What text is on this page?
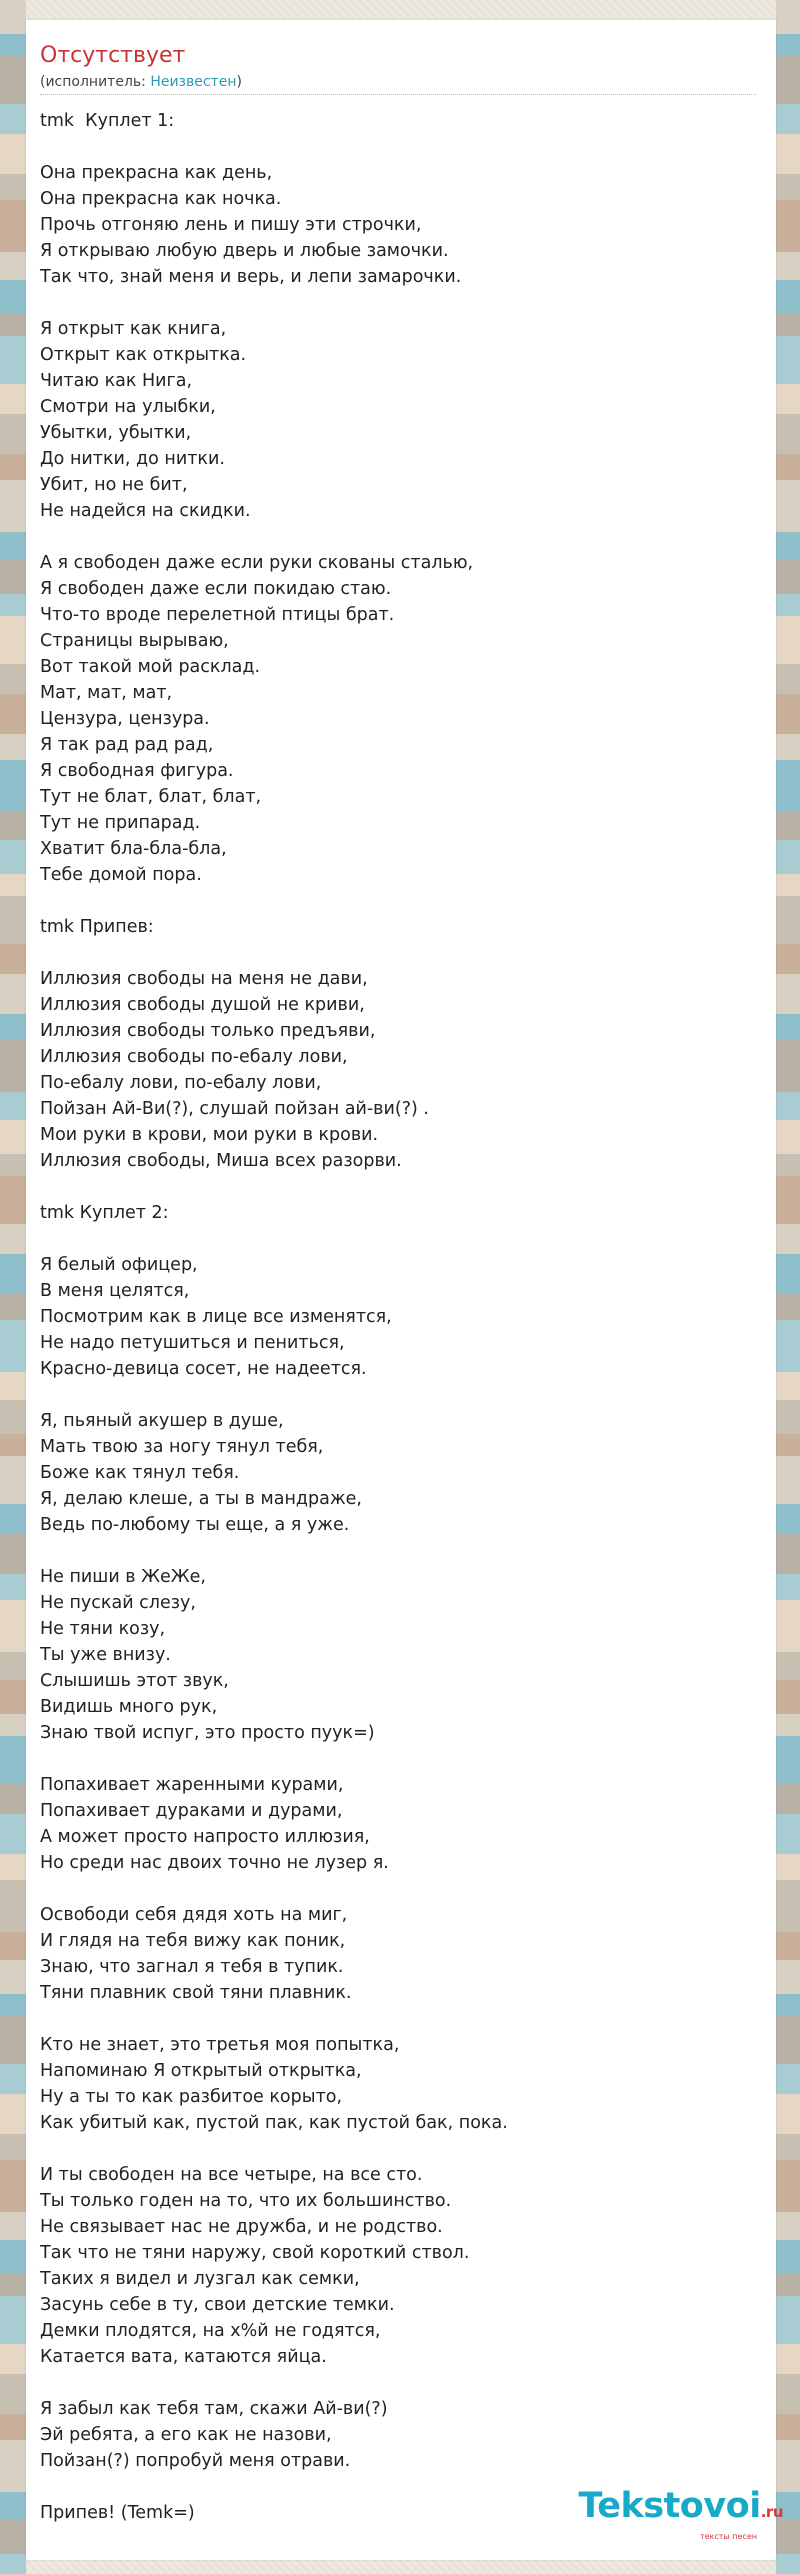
Отсутствует
(исполнитель: Неизвестен)
tmk  Куплет 1:
Она прекрасна как день,
Она прекрасна как ночка.
Прочь отгоняю лень и пишу эти строчки,
Я открываю любую дверь и любые замочки.
Так что, знай меня и верь, и лепи замарочки.
Я открыт как книга,
Открыт как открытка.
Читаю как Нига,
Смотри на улыбки,
Убытки, убытки,
До нитки, до нитки.
Убит, но не бит,
Не надейся на скидки.
А я свободен даже если руки скованы сталью,
Я свободен даже если покидаю стаю.
Что-то вроде перелетной птицы брат.
Страницы вырываю,
Вот такой мой расклад.
Мат, мат, мат,
Цензура, цензура.
Я так рад рад рад,
Я свободная фигура.
Тут не блат, блат, блат,
Тут не припарад.
Хватит бла-бла-бла,
Тебе домой пора.
tmk Припев:
Иллюзия свободы на меня не дави,
Иллюзия свободы душой не криви,
Иллюзия свободы только предъяви,
Иллюзия свободы по-ебалу лови,
По-ебалу лови, по-ебалу лови,
Пойзан Ай-Ви(?), слушай пойзан ай-ви(?) .
Мои руки в крови, мои руки в крови.
Иллюзия свободы, Миша всех разорви.
tmk Куплет 2:
Я белый офицер,
В меня целятся,
Посмотрим как в лице все изменятся,
Не надо петушиться и пениться,
Красно-девица сосет, не надеется.
Я, пьяный акушер в душе,
Мать твою за ногу тянул тебя,
Боже как тянул тебя.
Я, делаю клеше, а ты в мандраже,
Ведь по-любому ты еще, а я уже.
Не пиши в ЖеЖе,
Не пускай слезу,
Не тяни козу,
Ты уже внизу.
Слышишь этот звук,
Видишь много рук,
Знаю твой испуг, это просто пуук=)
Попахивает жаренными курами,
Попахивает дураками и дурами,
А может просто напросто иллюзия,
Но среди нас двоих точно не лузер я.
Освободи себя дядя хоть на миг,
И глядя на тебя вижу как поник,
Знаю, что загнал я тебя в тупик.
Тяни плавник свой тяни плавник.
Кто не знает, это третья моя попытка,
Напоминаю Я открытый открытка,
Ну а ты то как разбитое корыто,
Как убитый как, пустой пак, как пустой бак, пока.
И ты свободен на все четыре, на все сто.
Ты только годен на то, что их большинство.
Не связывает нас не дружба, и не родство.
Так что не тяни наружу, свой короткий ствол.
Таких я видел и лузгал как семки,
Засунь себе в ту, свои детские темки.
Демки плодятся, на х%й не годятся,
Катается вата, катаются яйца.
Я забыл как тебя там, скажи Ай-ви(?)
Эй ребята, а его как не назови,
Пойзан(?) попробуй меня отрави.
Припев! (Temk=)	Tekstovoi.ru
тексты песен
